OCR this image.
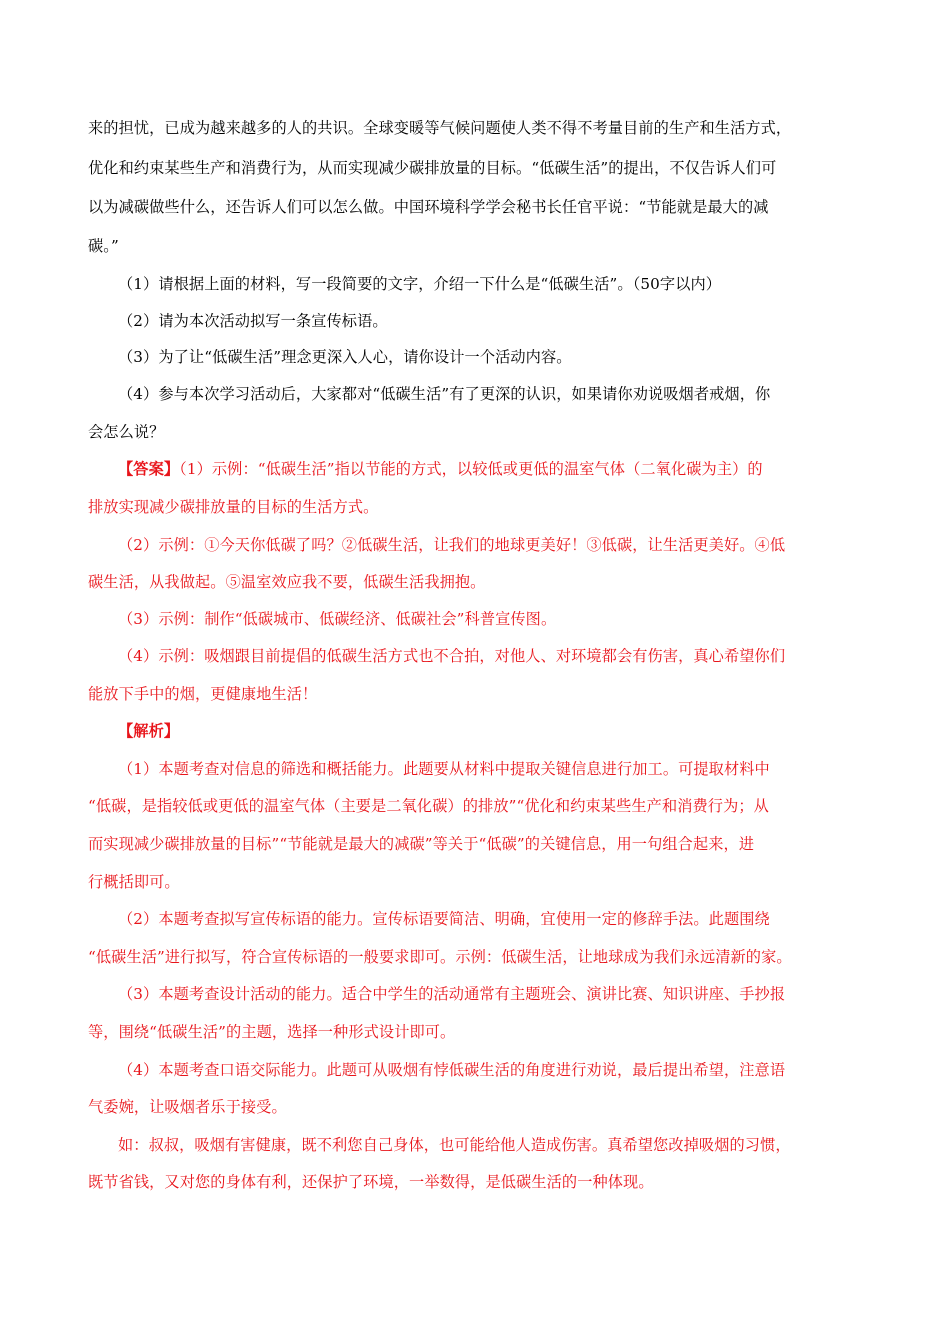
来的担忧，已成为越来越多的人的共识。全球变暖等气候问题使人类不得不考量目前的生产和生活方式，
优化和约束某些生产和消费行为，从而实现减少碳排放量的目标。“低碳生活”的提出，不仅告诉人们可
以为减碳做些什么，还告诉人们可以怎么做。中国环境科学学会秘书长任官平说：“节能就是最大的减
碳。”
（1）请根据上面的材料，写一段简要的文字，介绍一下什么是“低碳生活”。（50字以内）
（2）请为本次活动拟写一条宣传标语。
（3）为了让“低碳生活”理念更深入人心，请你设计一个活动内容。
（4）参与本次学习活动后，大家都对“低碳生活”有了更深的认识，如果请你劝说吸烟者戒烟，你
会怎么说？
【答案】（1）示例：“低碳生活”指以节能的方式，以较低或更低的温室气体（二氧化碳为主）的
排放实现减少碳排放量的目标的生活方式。
（2）示例：①今天你低碳了吗？②低碳生活，让我们的地球更美好！③低碳，让生活更美好。④低
碳生活，从我做起。⑤温室效应我不要，低碳生活我拥抱。
（3）示例：制作“低碳城市、低碳经济、低碳社会”科普宣传图。
（4）示例：吸烟跟目前提倡的低碳生活方式也不合拍，对他人、对环境都会有伤害，真心希望你们
能放下手中的烟，更健康地生活！
【解析】
（1）本题考查对信息的筛选和概括能力。此题要从材料中提取关键信息进行加工。可提取材料中
“低碳，是指较低或更低的温室气体（主要是二氧化碳）的排放”“优化和约束某些生产和消费行为；从
而实现减少碳排放量的目标”“节能就是最大的减碳”等关于“低碳”的关键信息，用一句组合起来，进
行概括即可。
（2）本题考查拟写宣传标语的能力。宣传标语要简洁、明确，宜使用一定的修辞手法。此题围绕
“低碳生活”进行拟写，符合宣传标语的一般要求即可。示例：低碳生活，让地球成为我们永远清新的家。
（3）本题考查设计活动的能力。适合中学生的活动通常有主题班会、演讲比赛、知识讲座、手抄报
等，围绕“低碳生活”的主题，选择一种形式设计即可。
（4）本题考查口语交际能力。此题可从吸烟有悖低碳生活的角度进行劝说，最后提出希望，注意语
气委婉，让吸烟者乐于接受。
如：叔叔，吸烟有害健康，既不利您自己身体，也可能给他人造成伤害。真希望您改掉吸烟的习惯，
既节省钱，又对您的身体有利，还保护了环境，一举数得，是低碳生活的一种体现。
